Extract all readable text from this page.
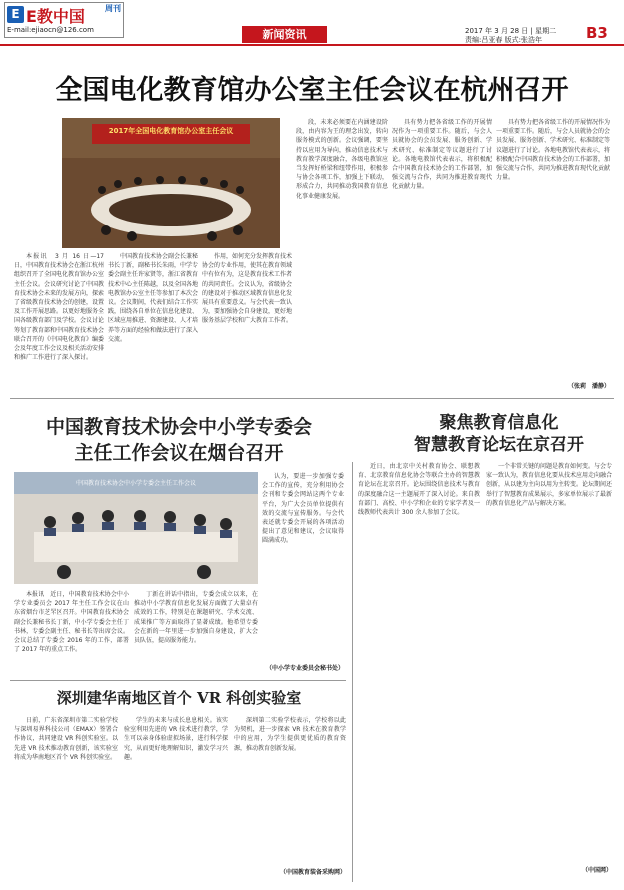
E E教中国	周刊
E-mail:ejiaocn@126.com	新闻资讯	2017 年 3 月 28 日 | 星期二
责编:吕亚春 版式:张浩年	B3
全国电化教育馆办公室主任会议在杭州召开
2017年全国电化教育馆办公室主任会议

本报讯　3 月 16 日—17 日，中国教育技术协会在浙江杭州组织召开了全国电化教育馆办公室主任会议。会议研究讨论了中国教育技术协会未来的发展方向，探索了省级教育技术协会的创建，设置及工作开展思路。以更好地服务全国各级教育部门及学校。会议讨论筹划了教育部和中国教育技术协会联合召开的《中国电化教育》编委会及年度工作会议及相关活动安排和推广工作进行了深入探讨。

中国教育技术协会副会长兼秘书长丁新，副秘书长朱雨，中学专委会副主任许家贤等，浙江省教育技术中心主任陈越，以及全国各地电教馆办公室主任等参加了本次会议。会议期间，代表们结合工作实践，围绕各自单位在信息化建设、区域应用推进、资源建设、人才培养等方面的经验和做法进行了深入交流。

作用，如何充分发挥教育技术协会的专业作用，使其在教育领域中有位有为，这是教育技术工作者的共同责任。会议认为，省级协会的建设对于推动区域教育信息化发展具有重要意义。与会代表一致认为，要加强协会自身建设，更好地服务基层学校和广大教育工作者。

段，未来必须要在内涵建设阶段，由内容为王的理念出发，转向服务模式的创新。会议强调，要坚持以应用为导向，推动信息技术与教育教学深度融合，各级电教馆应当发挥好桥梁和纽带作用，积极参与协会各项工作，加强上下联动，形成合力，共同推动我国教育信息化事业健康发展。

具有势力把各省级工作的开展情况作为一项重要工作。随后，与会人员就协会的会员发展、服务创新、学术研究、标准制定等议题进行了讨论。各地电教馆代表表示，将积极配合中国教育技术协会的工作部署，加强交流与合作，共同为推进教育现代化贡献力量。

具有势力把各省级工作的开展情况作为一项重要工作。随后，与会人员就协会的会员发展、服务创新、学术研究、标准制定等议题进行了讨论。各地电教馆代表表示，将积极配合中国教育技术协会的工作部署，加强交流与合作，共同为推进教育现代化贡献力量。

（张莉　潘静）
中国教育技术协会中小学专委会
主任工作会议在烟台召开
中国教育技术协会中小学专委会主任工作会议

认为，要进一步加强专委会工作的宣传，充分利用协会会刊和专委会网站这两个专业平台，为广大会员单位提供有效的交流与宣传服务。与会代表还就专委会开展的各项活动提出了意见和建议，会议取得圆满成功。

本报讯　近日，中国教育技术协会中小学专业委员会 2017 年主任工作会议在山东省烟台市芝罘区召开。中国教育技术协会副会长兼秘书长丁新，中小学专委会主任丁书林，专委会副主任、秘书长等出席会议。会议总结了专委会 2016 年的工作，部署了 2017 年的重点工作。

丁新在讲话中指出，专委会成立以来，在推动中小学教育信息化发展方面做了大量卓有成效的工作，特别是在课题研究、学术交流、成果推广等方面取得了显著成绩。他希望专委会在新的一年里进一步加强自身建设，扩大会员队伍，提高服务能力。

（中小学专业委员会秘书处）
聚焦教育信息化
智慧教育论坛在京召开

近日，由北京中关村教育协会、联想教育、北京教育信息化协会等联合主办的智慧教育论坛在北京召开。论坛围绕信息技术与教育的深度融合这一主题展开了深入讨论。来自教育部门、高校、中小学和企业的专家学者及一线教师代表共计 300 余人参加了会议。

一个非常关键的问题是教育如何变。与会专家一致认为，教育信息化要从技术应用走向融合创新，从以建为主向以用为主转变。论坛期间还举行了智慧教育成果展示，多家单位展示了最新的教育信息化产品与解决方案。

（中国网）
深圳建华南地区首个 VR 科创实验室

日前，广东省深圳市第二实验学校与深圳易界科技公司（EMAX）签署合作协议，共同建设 VR 科创实验室。以先进 VR 技术推动教育创新，该实验室将成为华南地区首个 VR 科创实验室。

学生的未来与成长息息相关。该实验室利用先进的 VR 技术进行教学，学生可以亲身体验虚拟场景，进行科学探究，从而更好地理解知识，激发学习兴趣。

深圳第二实验学校表示，学校将以此为契机，进一步探索 VR 技术在教育教学中的应用，为学生提供更优质的教育资源，推动教育创新发展。

（中国教育装备采购网）
